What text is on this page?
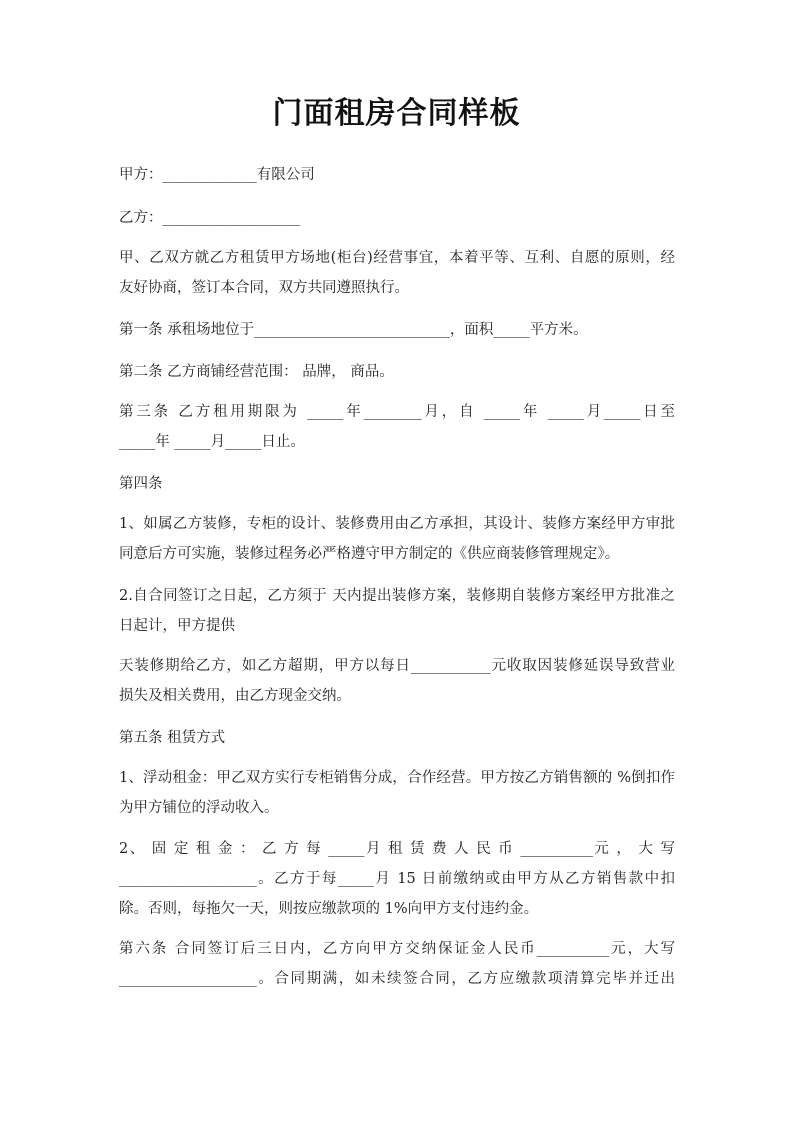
门面租房合同样板
甲方：_____________有限公司
乙方：___________________
甲、乙双方就乙方租赁甲方场地(柜台)经营事宜，本着平等、互利、自愿的原则，经
友好协商，签订本合同，双方共同遵照执行。
第一条 承租场地位于___________________________，面积_____平方米。
第二条 乙方商铺经营范围： 品牌， 商品。
第三条 乙方租用期限为 _____年________月，自 _____年 _____月_____日至
_____年 _____月_____日止。
第四条
1、如属乙方装修，专柜的设计、装修费用由乙方承担，其设计、装修方案经甲方审批
同意后方可实施，装修过程务必严格遵守甲方制定的《供应商装修管理规定》。
2.自合同签订之日起，乙方须于 天内提出装修方案，装修期自装修方案经甲方批准之
日起计，甲方提供
天装修期给乙方，如乙方超期，甲方以每日___________元收取因装修延误导致营业
损失及相关费用，由乙方现金交纳。
第五条 租赁方式
1、浮动租金：甲乙双方实行专柜销售分成，合作经营。甲方按乙方销售额的 %倒扣作
为甲方铺位的浮动收入。
2、 固 定 租 金 ： 乙 方 每 _____月 租 赁 费 人 民 币 __________元 ， 大 写
___________________。乙方于每_____月 15 日前缴纳或由甲方从乙方销售款中扣
除。否则，每拖欠一天，则按应缴款项的 1%向甲方支付违约金。
第六条 合同签订后三日内，乙方向甲方交纳保证金人民币__________元，大写
___________________。合同期满，如未续签合同，乙方应缴款项清算完毕并迁出
